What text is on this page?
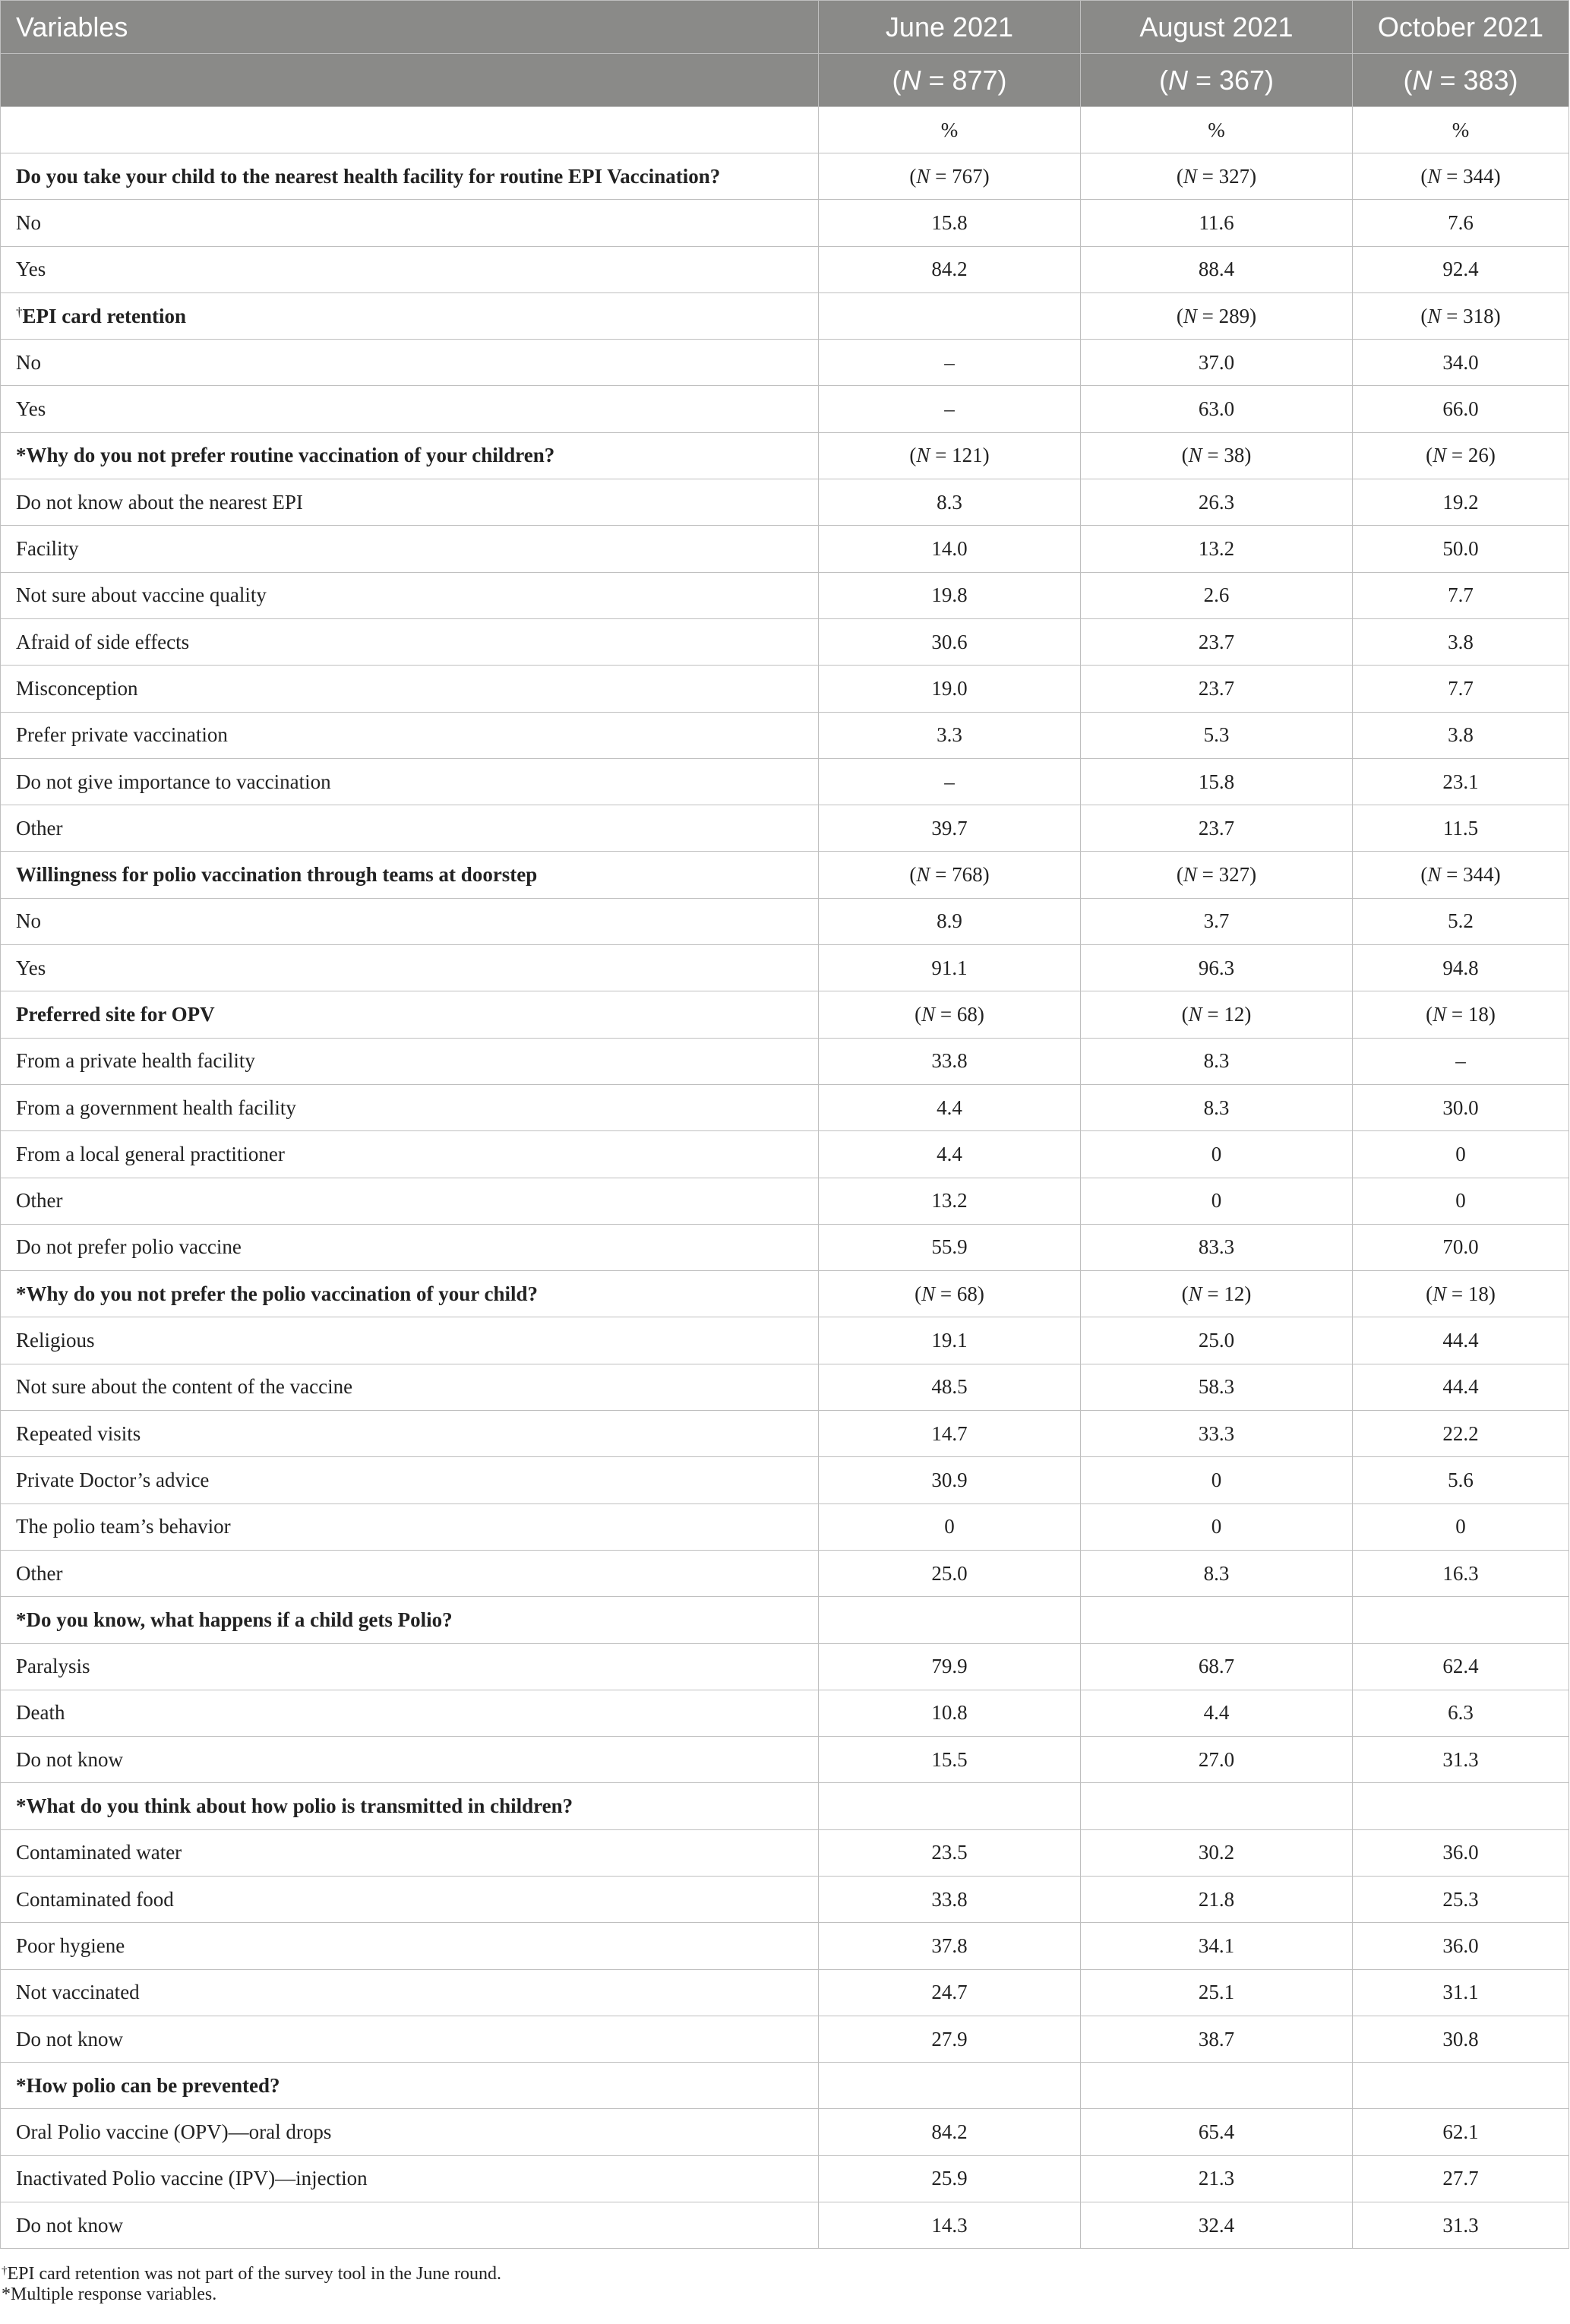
Variables	June 2021	August 2021	October 2021
	(N = 877)	(N = 367)	(N = 383)
	%	%	%
Do you take your child to the nearest health facility for routine EPI Vaccination?	(N = 767)	(N = 327)	(N = 344)
No	15.8	11.6	7.6
Yes	84.2	88.4	92.4
†EPI card retention		(N = 289)	(N = 318)
No	–	37.0	34.0
Yes	–	63.0	66.0
*Why do you not prefer routine vaccination of your children?	(N = 121)	(N = 38)	(N = 26)
Do not know about the nearest EPI	8.3	26.3	19.2
Facility	14.0	13.2	50.0
Not sure about vaccine quality	19.8	2.6	7.7
Afraid of side effects	30.6	23.7	3.8
Misconception	19.0	23.7	7.7
Prefer private vaccination	3.3	5.3	3.8
Do not give importance to vaccination	–	15.8	23.1
Other	39.7	23.7	11.5
Willingness for polio vaccination through teams at doorstep	(N = 768)	(N = 327)	(N = 344)
No	8.9	3.7	5.2
Yes	91.1	96.3	94.8
Preferred site for OPV	(N = 68)	(N = 12)	(N = 18)
From a private health facility	33.8	8.3	–
From a government health facility	4.4	8.3	30.0
From a local general practitioner	4.4	0	0
Other	13.2	0	0
Do not prefer polio vaccine	55.9	83.3	70.0
*Why do you not prefer the polio vaccination of your child?	(N = 68)	(N = 12)	(N = 18)
Religious	19.1	25.0	44.4
Not sure about the content of the vaccine	48.5	58.3	44.4
Repeated visits	14.7	33.3	22.2
Private Doctor’s advice	30.9	0	5.6
The polio team’s behavior	0	0	0
Other	25.0	8.3	16.3
*Do you know, what happens if a child gets Polio?			
Paralysis	79.9	68.7	62.4
Death	10.8	4.4	6.3
Do not know	15.5	27.0	31.3
*What do you think about how polio is transmitted in children?			
Contaminated water	23.5	30.2	36.0
Contaminated food	33.8	21.8	25.3
Poor hygiene	37.8	34.1	36.0
Not vaccinated	24.7	25.1	31.1
Do not know	27.9	38.7	30.8
*How polio can be prevented?			
Oral Polio vaccine (OPV)—oral drops	84.2	65.4	62.1
Inactivated Polio vaccine (IPV)—injection	25.9	21.3	27.7
Do not know	14.3	32.4	31.3
†EPI card retention was not part of the survey tool in the June round.
*Multiple response variables.
